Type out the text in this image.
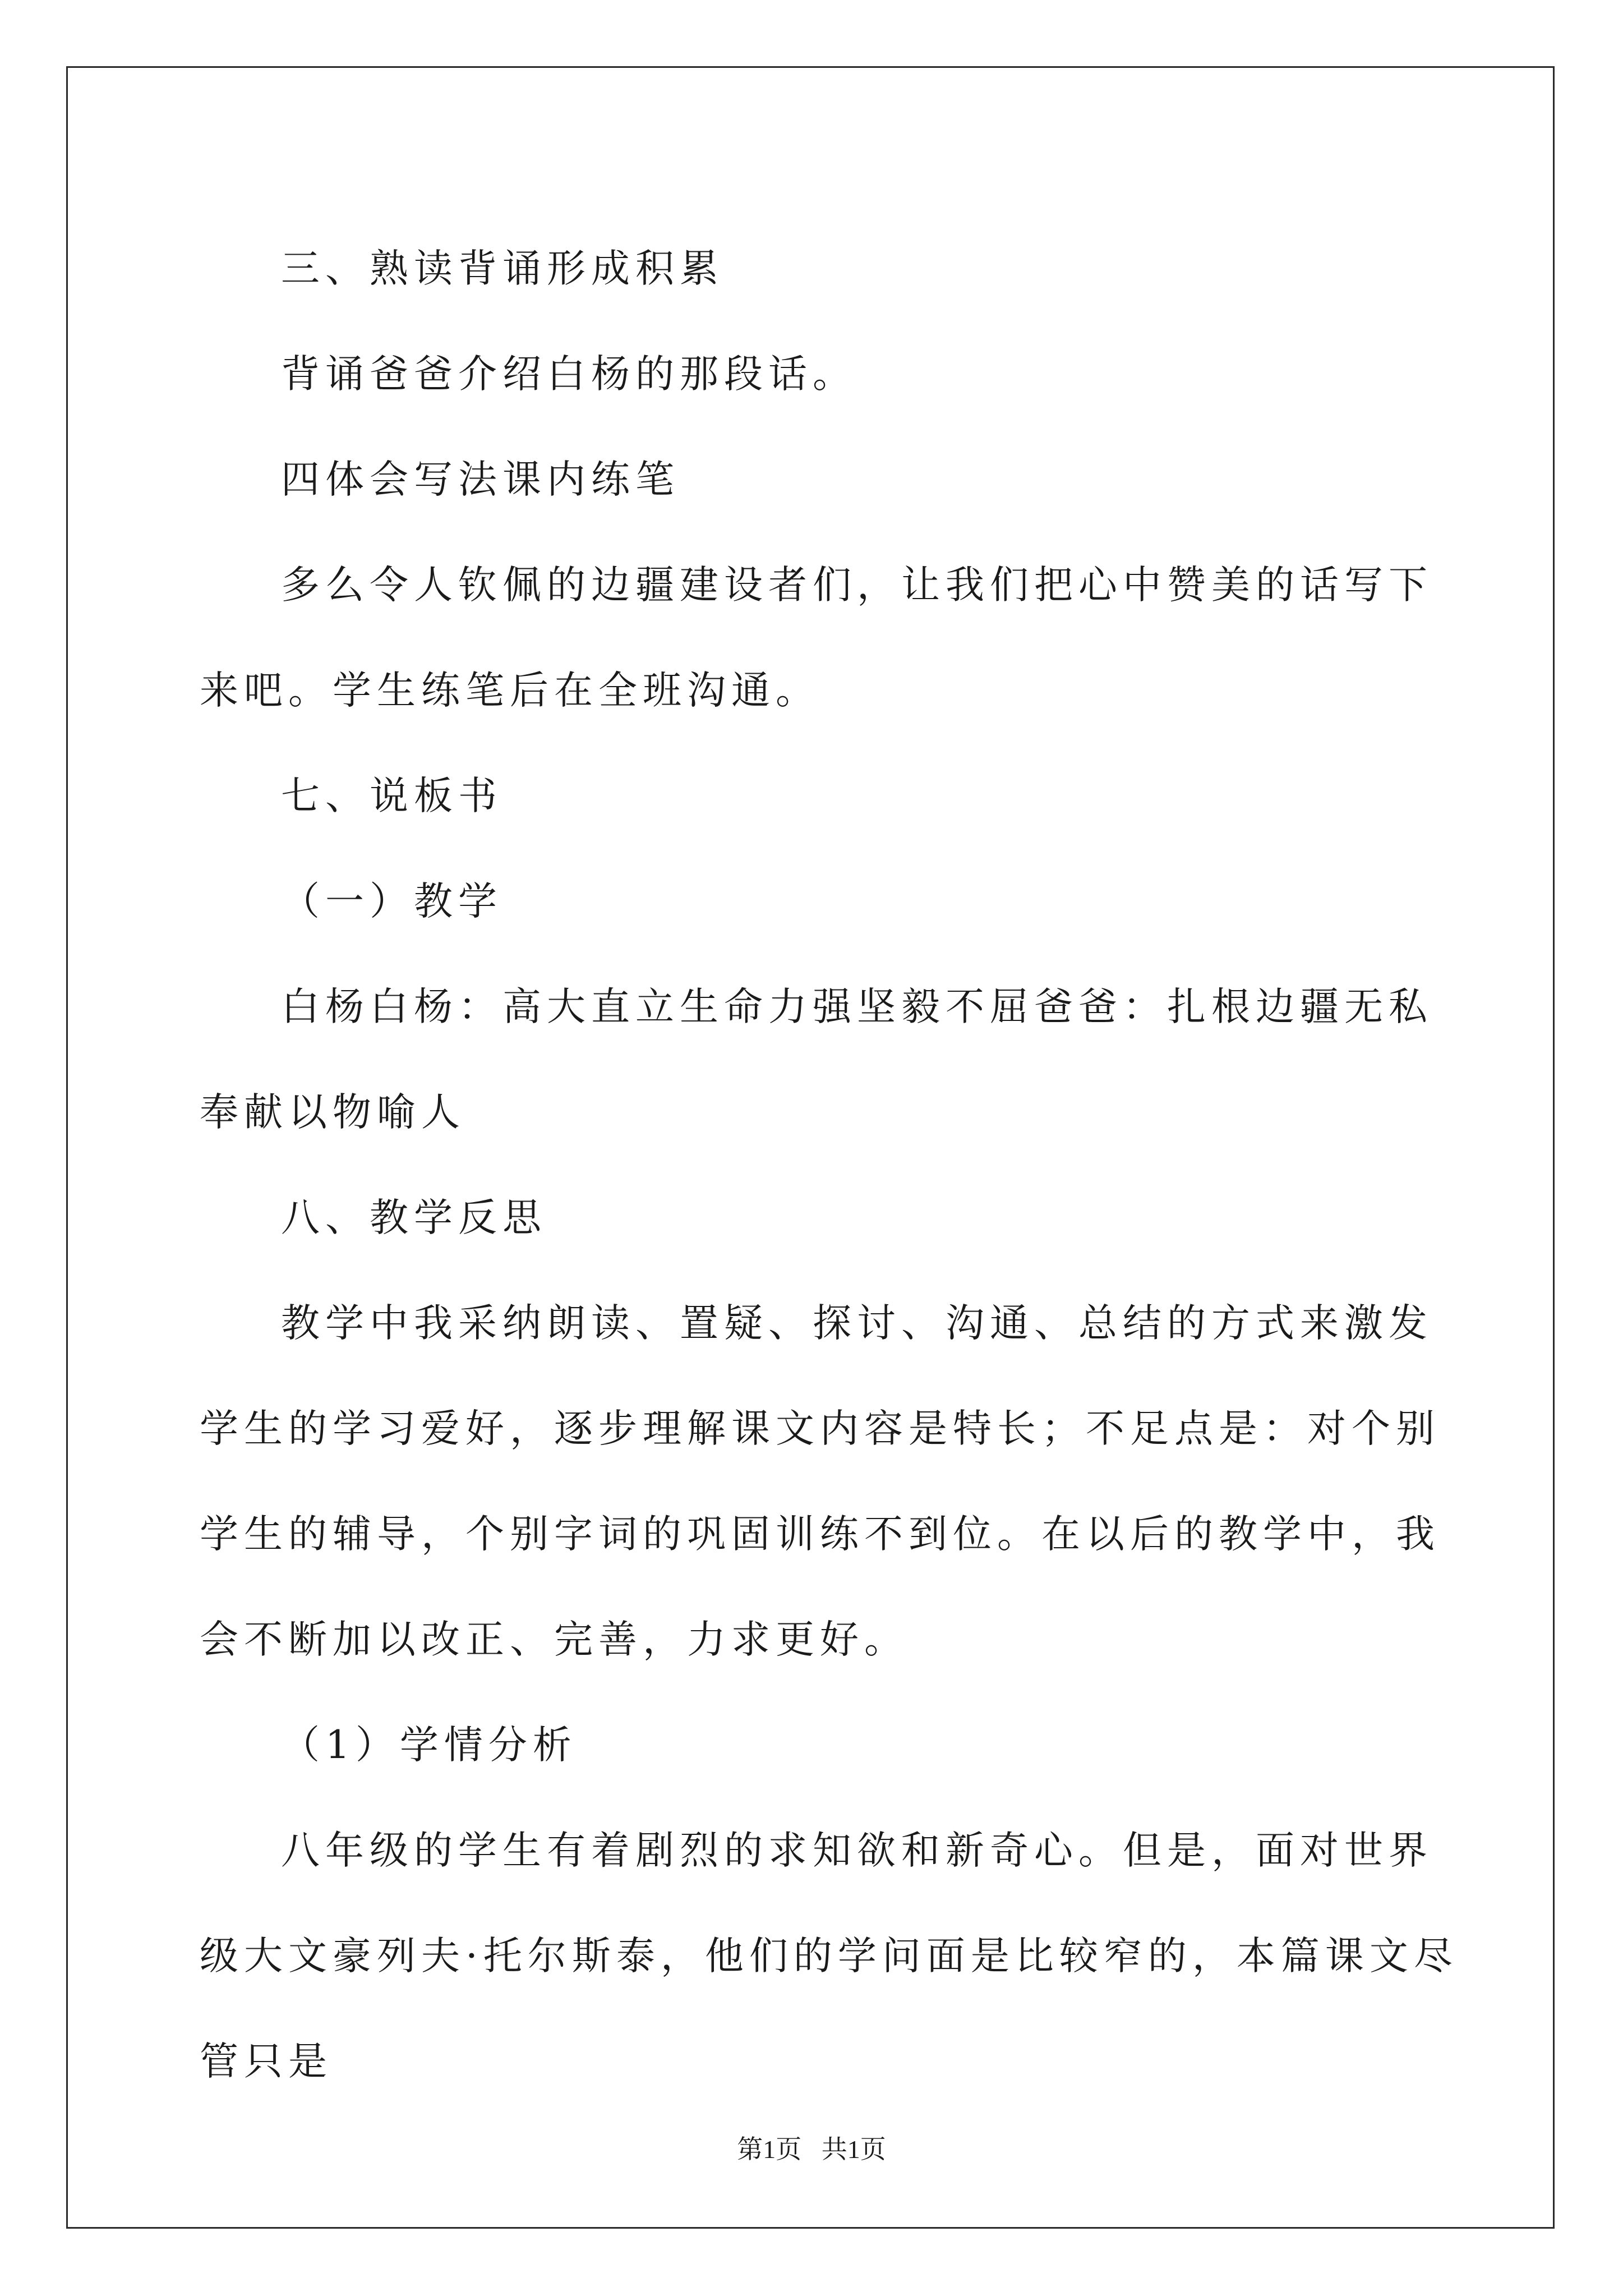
三、熟读背诵形成积累

背诵爸爸介绍白杨的那段话。

四体会写法课内练笔

多么令人钦佩的边疆建设者们，让我们把心中赞美的话写下来吧。学生练笔后在全班沟通。

七、说板书

（一）教学

白杨白杨：高大直立生命力强坚毅不屈爸爸：扎根边疆无私奉献以物喻人

八、教学反思

教学中我采纳朗读、置疑、探讨、沟通、总结的方式来激发学生的学习爱好，逐步理解课文内容是特长；不足点是：对个别学生的辅导，个别字词的巩固训练不到位。在以后的教学中，我会不断加以改正、完善，力求更好。

（1）学情分析

八年级的学生有着剧烈的求知欲和新奇心。但是，面对世界级大文豪列夫·托尔斯泰，他们的学问面是比较窄的，本篇课文尽管只是

第1页 共1页
